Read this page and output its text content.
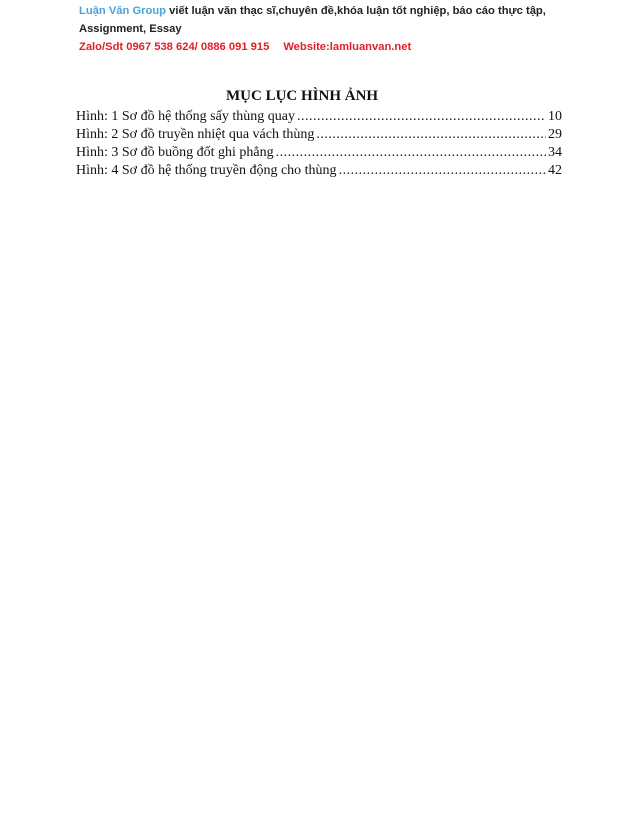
Luận Văn Group viết luận văn thạc sĩ,chuyên đề,khóa luận tốt nghiệp, báo cáo thực tập,
Assignment, Essay
Zalo/Sdt 0967 538 624/ 0886 091 915 Website:lamluanvan.net
MỤC LỤC HÌNH ẢNH
Hình: 1 Sơ đồ hệ thống sấy thùng quay .....	10
Hình: 2 Sơ đồ truyền nhiệt qua vách thùng .....	29
Hình: 3 Sơ đồ buồng đốt ghi phẳng .....	34
Hình: 4 Sơ đồ hệ thống truyền động cho thùng .....	42
